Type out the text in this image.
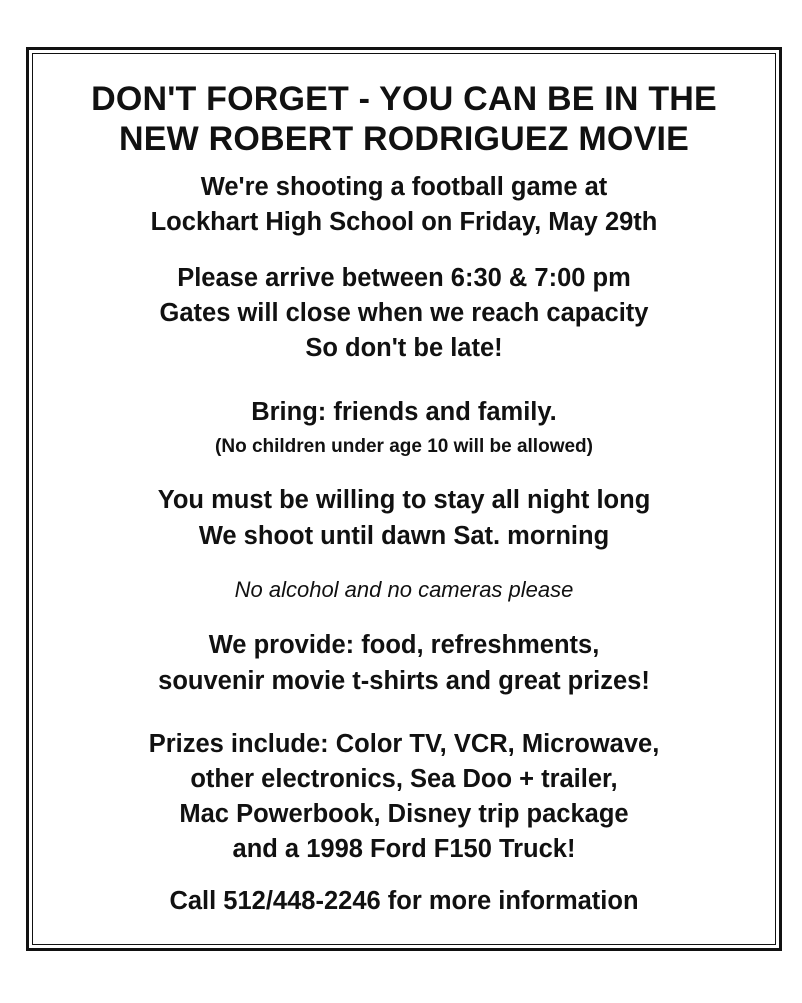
DON'T FORGET - YOU CAN BE IN THE
NEW ROBERT RODRIGUEZ MOVIE
We're shooting a football game at
Lockhart High School on Friday, May 29th
Please arrive between 6:30 & 7:00 pm
Gates will close when we reach capacity
So don't be late!
Bring: friends and family.
(No children under age 10 will be allowed)
You must be willing to stay all night long
We shoot until dawn Sat. morning
No alcohol and no cameras please
We provide: food, refreshments,
souvenir movie t-shirts and great prizes!
Prizes include: Color TV, VCR, Microwave,
other electronics, Sea Doo + trailer,
Mac Powerbook, Disney trip package
and a 1998 Ford F150 Truck!
Call 512/448-2246 for more information
